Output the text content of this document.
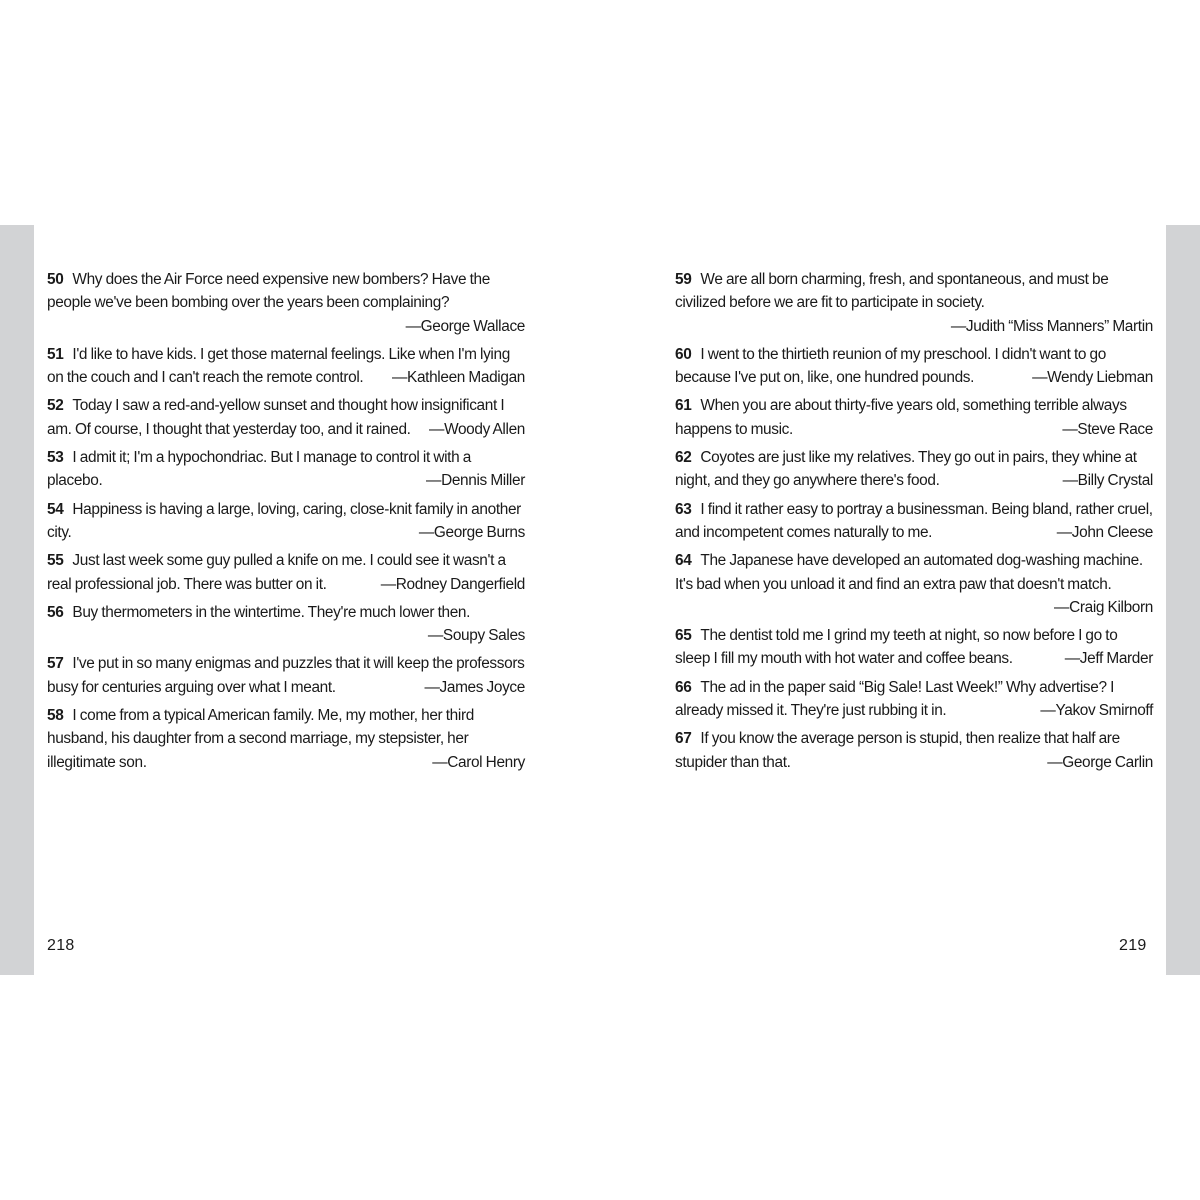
50 Why does the Air Force need expensive new bombers? Have the people we've been bombing over the years been complaining?
—George Wallace

51 I'd like to have kids. I get those maternal feelings. Like when I'm lying on the couch and I can't reach the remote control. —Kathleen Madigan

52 Today I saw a red-and-yellow sunset and thought how insignificant I am. Of course, I thought that yesterday too, and it rained. —Woody Allen

53 I admit it; I'm a hypochondriac. But I manage to control it with a placebo.	—Dennis Miller

54 Happiness is having a large, loving, caring, close-knit family in another city.	—George Burns

55 Just last week some guy pulled a knife on me. I could see it wasn't a real professional job. There was butter on it.	—Rodney Dangerfield

56 Buy thermometers in the wintertime. They're much lower then.
—Soupy Sales

57 I've put in so many enigmas and puzzles that it will keep the professors busy for centuries arguing over what I meant.	—James Joyce

58 I come from a typical American family. Me, my mother, her third husband, his daughter from a second marriage, my stepsister, her illegitimate son.	—Carol Henry

59 We are all born charming, fresh, and spontaneous, and must be civilized before we are fit to participate in society.
—Judith “Miss Manners” Martin

60 I went to the thirtieth reunion of my preschool. I didn't want to go because I've put on, like, one hundred pounds.	—Wendy Liebman

61 When you are about thirty-five years old, something terrible always happens to music.	—Steve Race

62 Coyotes are just like my relatives. They go out in pairs, they whine at night, and they go anywhere there's food.	—Billy Crystal

63 I find it rather easy to portray a businessman. Being bland, rather cruel, and incompetent comes naturally to me.	—John Cleese

64 The Japanese have developed an automated dog-washing machine. It's bad when you unload it and find an extra paw that doesn't match.
—Craig Kilborn

65 The dentist told me I grind my teeth at night, so now before I go to sleep I fill my mouth with hot water and coffee beans.	—Jeff Marder

66 The ad in the paper said “Big Sale! Last Week!” Why advertise? I already missed it. They're just rubbing it in.	—Yakov Smirnoff

67 If you know the average person is stupid, then realize that half are stupider than that.	—George Carlin

218	219
